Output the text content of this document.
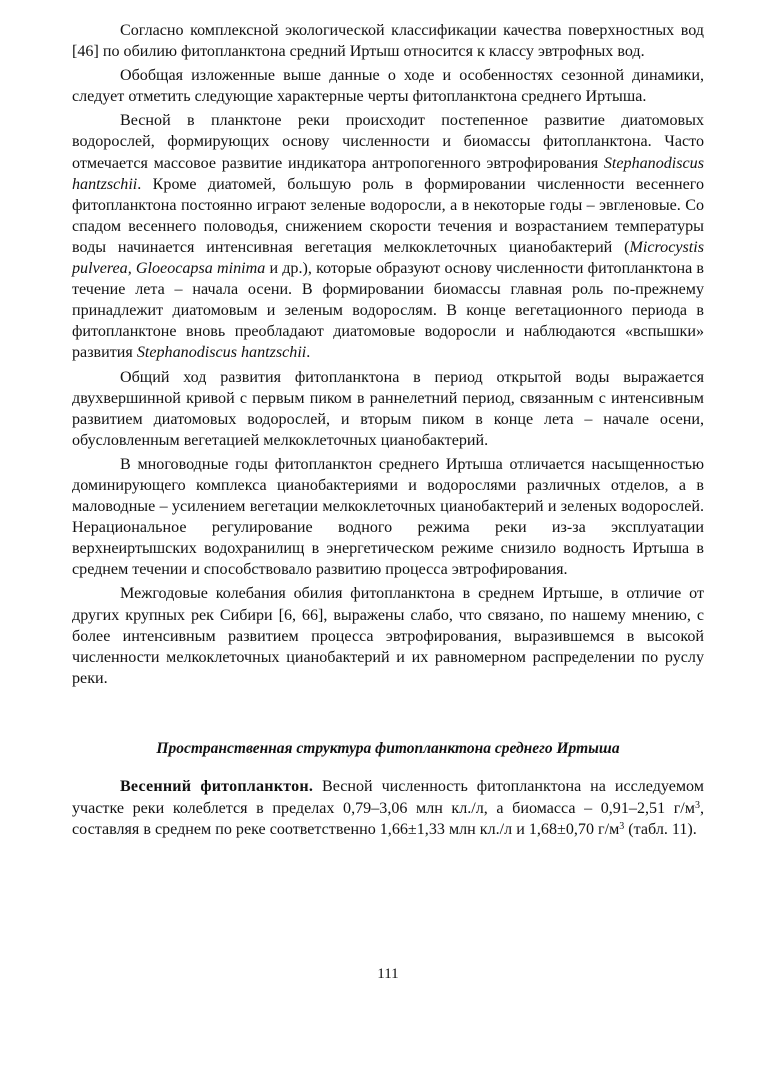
Согласно комплексной экологической классификации качества поверхностных вод [46] по обилию фитопланктона средний Иртыш относится к классу эвтрофных вод.

Обобщая изложенные выше данные о ходе и особенностях сезонной динамики, следует отметить следующие характерные черты фитопланктона среднего Иртыша.

Весной в планктоне реки происходит постепенное развитие диатомовых водорослей, формирующих основу численности и биомассы фитопланктона. Часто отмечается массовое развитие индикатора антропогенного эвтрофирования Stephanodiscus hantzschii. Кроме диатомей, большую роль в формировании численности весеннего фитопланктона постоянно играют зеленые водоросли, а в некоторые годы – эвгленовые. Со спадом весеннего половодья, снижением скорости течения и возрастанием температуры воды начинается интенсивная вегетация мелкоклеточных цианобактерий (Microcystis pulverea, Gloeocapsa minima и др.), которые образуют основу численности фитопланктона в течение лета – начала осени. В формировании биомассы главная роль по-прежнему принадлежит диатомовым и зеленым водорослям. В конце вегетационного периода в фитопланктоне вновь преобладают диатомовые водоросли и наблюдаются «вспышки» развития Stephanodiscus hantzschii.

Общий ход развития фитопланктона в период открытой воды выражается двухвершинной кривой с первым пиком в раннелетний период, связанным с интенсивным развитием диатомовых водорослей, и вторым пиком в конце лета – начале осени, обусловленным вегетацией мелкоклеточных цианобактерий.

В многоводные годы фитопланктон среднего Иртыша отличается насыщенностью доминирующего комплекса цианобактериями и водорослями различных отделов, а в маловодные – усилением вегетации мелкоклеточных цианобактерий и зеленых водорослей. Нерациональное регулирование водного режима реки из-за эксплуатации верхнеиртышских водохранилищ в энергетическом режиме снизило водность Иртыша в среднем течении и способствовало развитию процесса эвтрофирования.

Межгодовые колебания обилия фитопланктона в среднем Иртыше, в отличие от других крупных рек Сибири [6, 66], выражены слабо, что связано, по нашему мнению, с более интенсивным развитием процесса эвтрофирования, выразившемся в высокой численности мелкоклеточных цианобактерий и их равномерном распределении по руслу реки.

Пространственная структура фитопланктона среднего Иртыша

Весенний фитопланктон. Весной численность фитопланктона на исследуемом участке реки колеблется в пределах 0,79–3,06 млн кл./л, а биомасса – 0,91–2,51 $г/м^3$, составляя в среднем по реке соответственно 1,66±1,33 млн кл./л и 1,68±0,70 $г/м^3$ (табл. 11).

111
